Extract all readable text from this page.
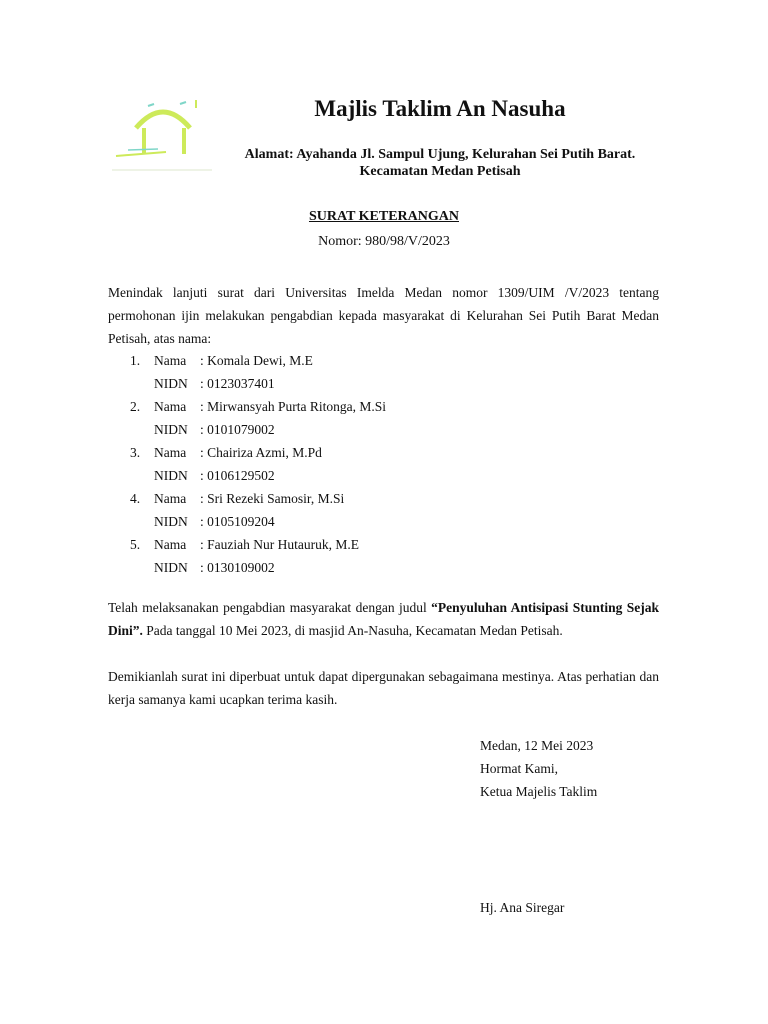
Majlis Taklim An Nasuha
Alamat: Ayahanda Jl. Sampul Ujung, Kelurahan Sei Putih Barat.
Kecamatan Medan Petisah
SURAT KETERANGAN
Nomor: 980/98/V/2023
Menindak lanjuti surat dari Universitas Imelda Medan nomor 1309/UIM /V/2023 tentang permohonan ijin melakukan pengabdian kepada masyarakat di Kelurahan Sei Putih Barat Medan Petisah, atas nama:
1. Nama : Komala Dewi, M.E
NIDN : 0123037401
2. Nama : Mirwansyah Purta Ritonga, M.Si
NIDN : 0101079002
3. Nama : Chairiza Azmi, M.Pd
NIDN : 0106129502
4. Nama : Sri Rezeki Samosir, M.Si
NIDN : 0105109204
5. Nama : Fauziah Nur Hutauruk, M.E
NIDN : 0130109002
Telah melaksanakan pengabdian masyarakat dengan judul “Penyuluhan Antisipasi Stunting Sejak Dini”. Pada tanggal 10 Mei 2023, di masjid An-Nasuha, Kecamatan Medan Petisah.
Demikianlah surat ini diperbuat untuk dapat dipergunakan sebagaimana mestinya. Atas perhatian dan kerja samanya kami ucapkan terima kasih.
Medan, 12 Mei 2023
Hormat Kami,
Ketua Majelis Taklim
Hj. Ana Siregar
